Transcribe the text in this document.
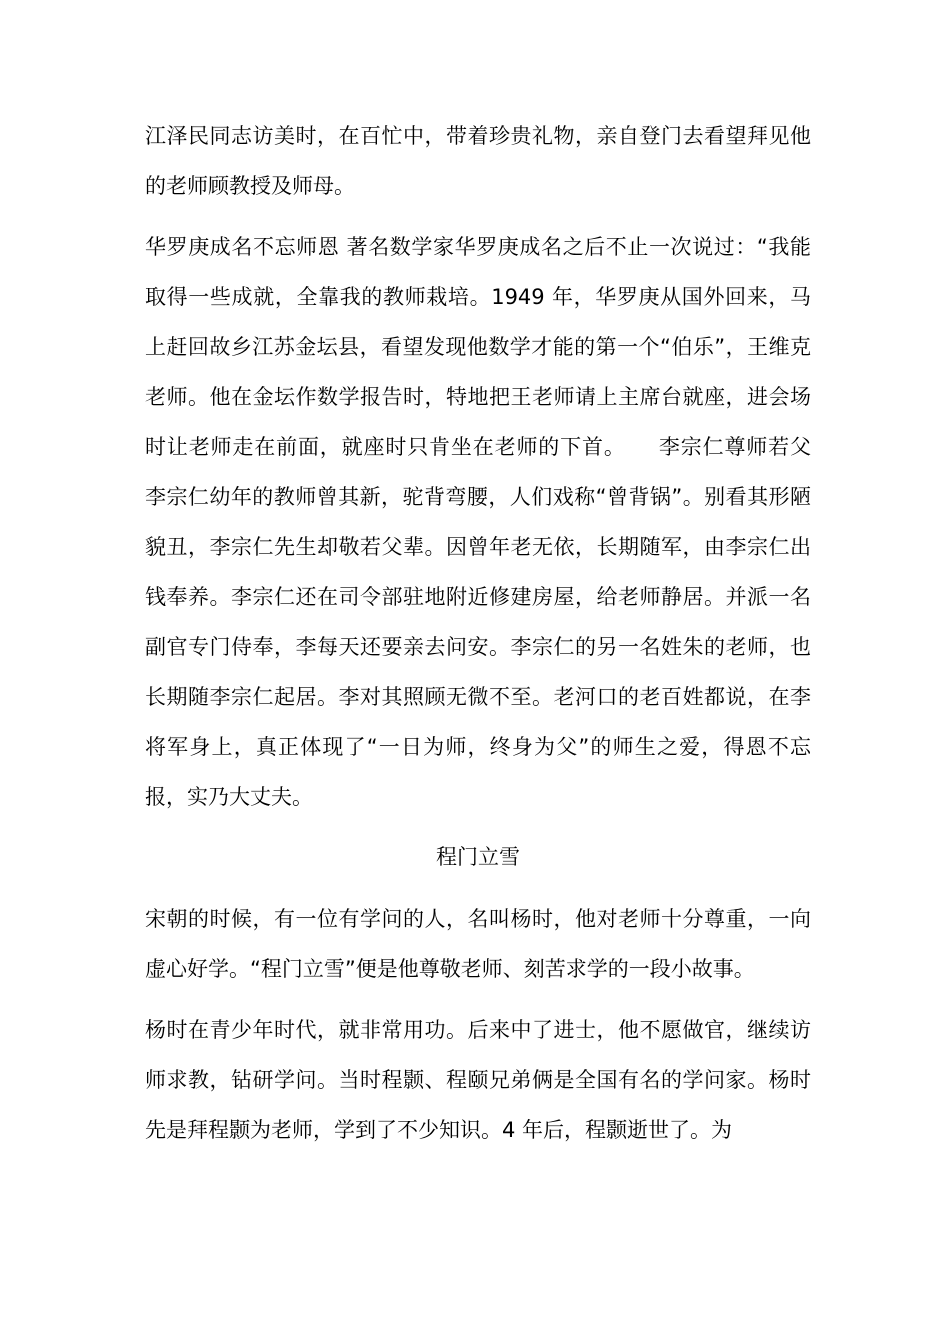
江泽民同志访美时，在百忙中，带着珍贵礼物，亲自登门去看望拜见他的老师顾教授及师母。

华罗庚成名不忘师恩 著名数学家华罗庚成名之后不止一次说过：“我能取得一些成就，全靠我的教师栽培。1949 年，华罗庚从国外回来，马上赶回故乡江苏金坛县，看望发现他数学才能的第一个“伯乐”，王维克老师。他在金坛作数学报告时，特地把王老师请上主席台就座，进会场时让老师走在前面，就座时只肯坐在老师的下首。　　李宗仁尊师若父 李宗仁幼年的教师曾其新，驼背弯腰，人们戏称“曾背锅”。别看其形陋貌丑，李宗仁先生却敬若父辈。因曾年老无依，长期随军，由李宗仁出钱奉养。李宗仁还在司令部驻地附近修建房屋，给老师静居。并派一名副官专门侍奉，李每天还要亲去问安。李宗仁的另一名姓朱的老师，也长期随李宗仁起居。李对其照顾无微不至。老河口的老百姓都说，在李将军身上，真正体现了“一日为师，终身为父”的师生之爱，得恩不忘报，实乃大丈夫。

程门立雪

宋朝的时候，有一位有学问的人，名叫杨时，他对老师十分尊重，一向虚心好学。“程门立雪”便是他尊敬老师、刻苦求学的一段小故事。

杨时在青少年时代，就非常用功。后来中了进士，他不愿做官，继续访师求教，钻研学问。当时程颢、程颐兄弟俩是全国有名的学问家。杨时先是拜程颢为老师，学到了不少知识。4 年后，程颢逝世了。为
